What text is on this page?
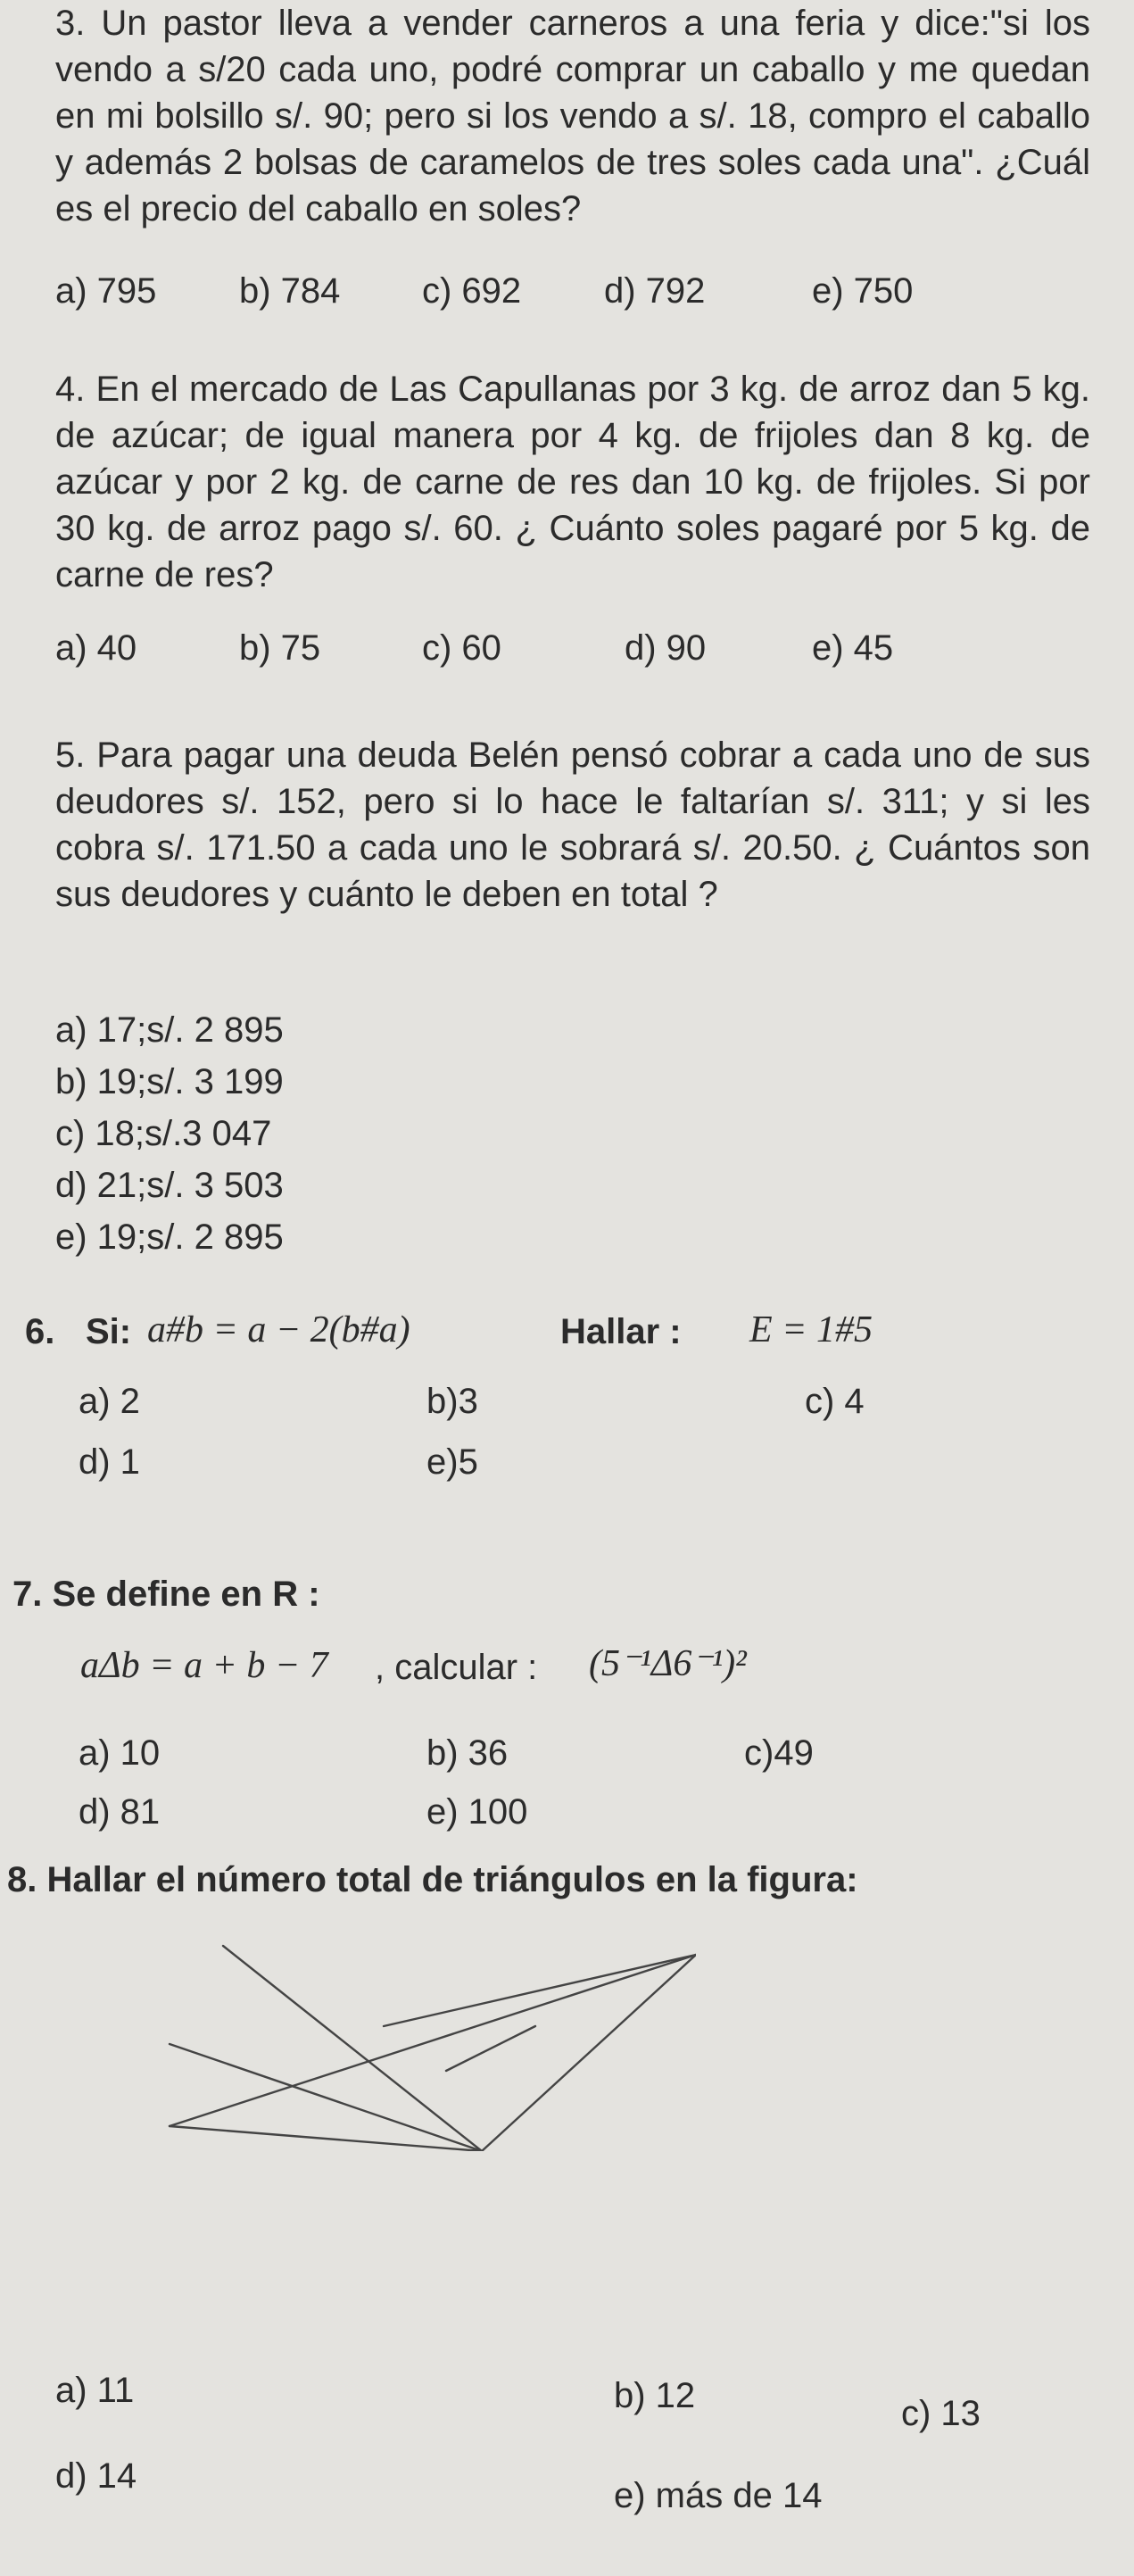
3. Un pastor lleva a vender carneros a una feria y dice:"si los vendo a s/20 cada uno, podré comprar un caballo y me quedan en mi bolsillo s/. 90; pero si los vendo a s/. 18, compro el caballo y además 2 bolsas de caramelos de tres soles cada una". ¿Cuál es el precio del caballo en soles?
a) 795 b) 784 c) 692 d) 792	e) 750
4. En el mercado de Las Capullanas por 3 kg. de arroz dan 5 kg. de azúcar; de igual manera por 4 kg. de frijoles dan 8 kg. de azúcar y por 2 kg. de carne de res dan 10 kg. de frijoles. Si por 30 kg. de arroz pago s/. 60. ¿ Cuánto soles pagaré por 5 kg. de carne de res?
a) 40	b) 75	c) 60	d) 90	e) 45
5. Para pagar una deuda Belén pensó cobrar a cada uno de sus deudores s/. 152, pero si lo hace le faltarían s/. 311; y si les cobra s/. 171.50 a cada uno le sobrará s/. 20.50. ¿ Cuántos son sus deudores y cuánto le deben en total ?
a) 17;s/. 2 895
b) 19;s/. 3 199
c) 18;s/.3 047
d) 21;s/. 3 503
e) 19;s/. 2 895
6. Si: a#b = a − 2(b#a)	Hallar : E = 1#5
a) 2	b)3	c) 4
d) 1	e)5
7. Se define en R :
aΔb = a + b − 7 , calcular : (5⁻¹Δ6⁻¹)²
a) 10	b) 36	c)49
d) 81	e) 100
8. Hallar el número total de triángulos en la figura:
a) 11	b) 12	c) 13
d) 14	e) más de 14
